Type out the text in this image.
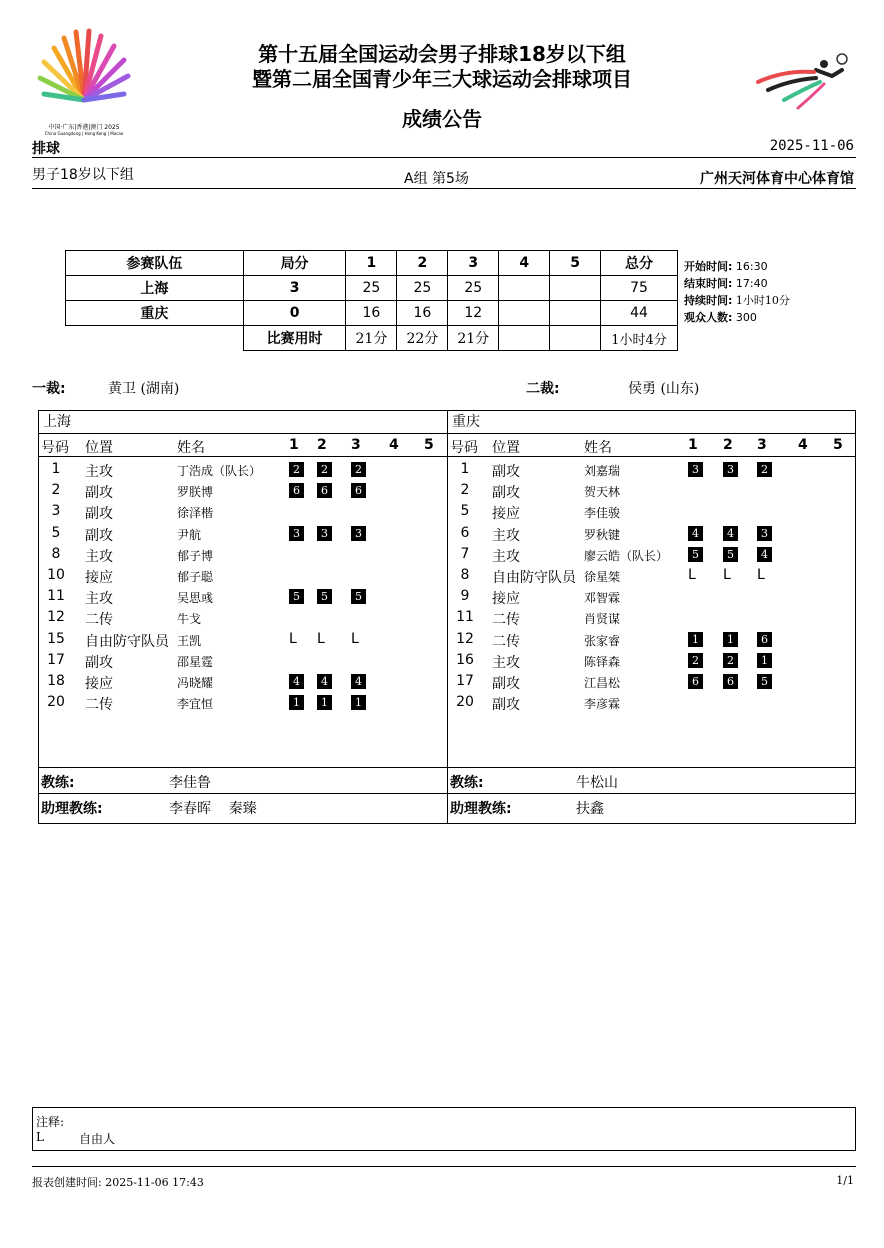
中国·广东|香港|澳门 2025
China Guangdong | Hong Kong | Macao
第十五届全国运动会男子排球18岁以下组
暨第二届全国青少年三大球运动会排球项目
成绩公告
排球	2025-11-06
男子18岁以下组	A组 第5场	广州天河体育中心体育馆
参赛队伍	局分	1	2	3	4	5	总分
上海	3	25	25	25			75
重庆	0	16	16	12			44
	比赛用时	21分	22分	21分			1小时4分
开始时间: 16:30
结束时间: 17:40
持续时间: 1小时10分
观众人数: 300
一裁:	黄卫 (湖南)	二裁:	侯勇 (山东)
上海
号码 位置	姓名	1 2 3 4 5
1	主攻	丁浩成（队长）	2	2	2
2	副攻	罗朕博	6	6	6
3	副攻	徐泽楷
5	副攻	尹航	3	3	3
8	主攻	郁子博
10	接应	郁子聪
11	主攻	吴思彧	5	5	5
12	二传	牛戈
15	自由防守队员 王凯	L L L
17	副攻	邵星霆
18	接应	冯晓耀	4	4	4
20	二传	李宜恒	1	1	1
教练:	李佳鲁
助理教练:	李春晖    秦臻
重庆
号码 位置	姓名	1 2 3 4 5
1	副攻	刘嘉瑞	3	3	2
2	副攻	贺天林
5	接应	李佳骏
6	主攻	罗秋键	4	4	3
7	主攻	廖云皓（队长）	5	5	4
8	自由防守队员 徐星桀	L L L
9	接应	邓智霖
11	二传	肖贤谋
12	二传	张家睿	1	1	6
16	主攻	陈铎森	2	2	1
17	副攻	江昌松	6	6	5
20	副攻	李彦霖
教练:	牛松山
助理教练:	扶鑫
注释:
L	自由人
报表创建时间: 2025-11-06 17:43	1/1
